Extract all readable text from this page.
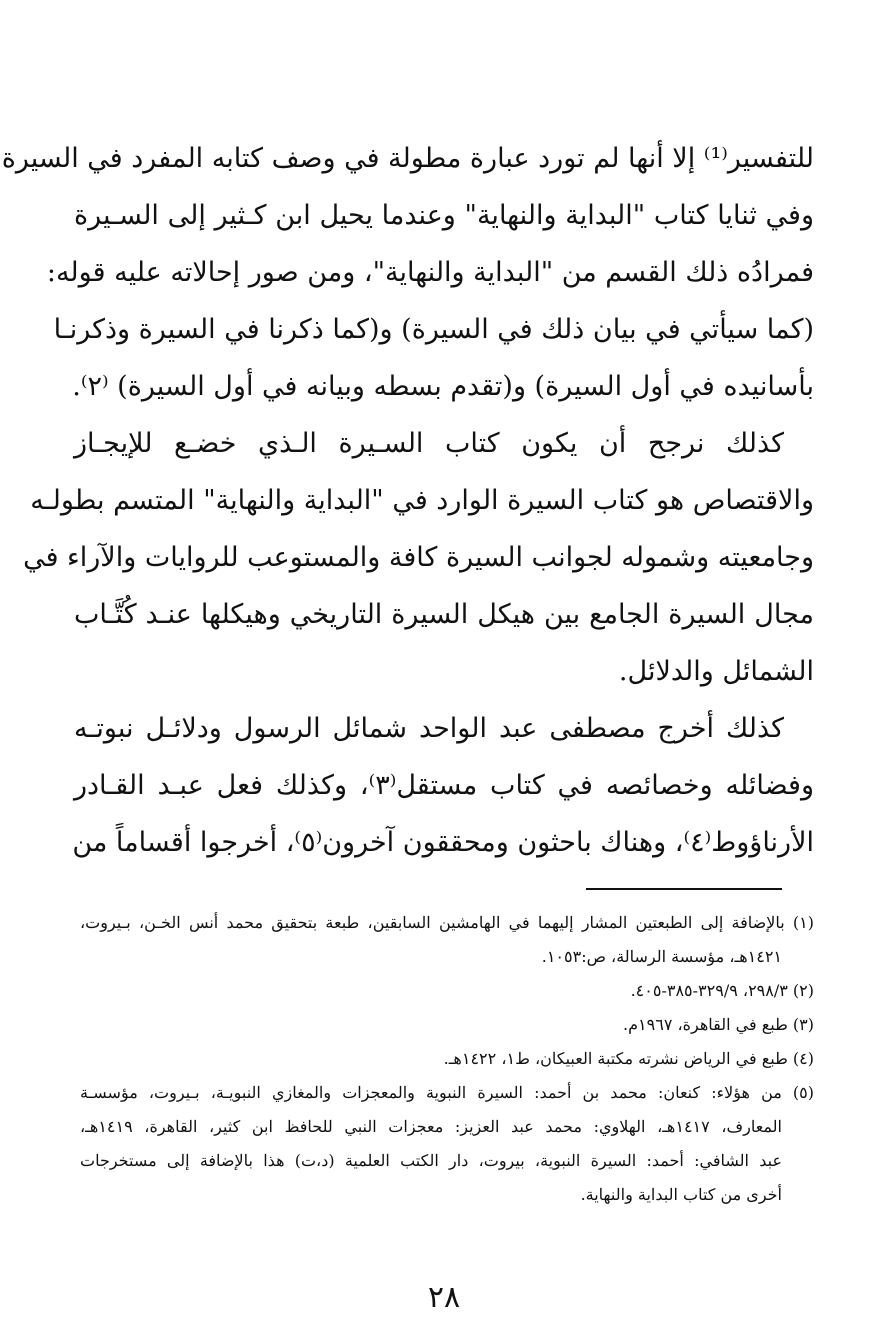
للتفسير⁽¹⁾ إلا أنها لم تورد عبارة مطولة في وصف كتابه المفرد في السيرة
وفي ثنايا كتاب "البداية والنهاية" وعندما يحيل ابن كـثير إلى السـيرة
فمرادُه ذلك القسم من "البداية والنهاية"، ومن صور إحالاته عليه قوله:
(كما سيأتي في بيان ذلك في السيرة) و(كما ذكرنا في السيرة وذكرنـا
بأسانيده في أول السيرة) و(تقدم بسطه وبيانه في أول السيرة) ⁽٢⁾.
كذلك نرجح أن يكون كتاب السـيرة الـذي خضـع للإيجـاز
والاقتصاص هو كتاب السيرة الوارد في "البداية والنهاية" المتسم بطولـه
وجامعيته وشموله لجوانب السيرة كافة والمستوعب للروايات والآراء في
مجال السيرة الجامع بين هيكل السيرة التاريخي وهيكلها عنـد كُتَّـاب
الشمائل والدلائل.
كذلك أخرج مصطفى عبد الواحد شمائل الرسول ودلائـل نبوتـه
وفضائله وخصائصه في كتاب مستقل⁽٣⁾، وكذلك فعل عبـد القـادر
الأرناؤوط⁽٤⁾، وهناك باحثون ومحققون آخرون⁽٥⁾، أخرجوا أقساماً من
(١) بالإضافة إلى الطبعتين المشار إليهما في الهامشين السابقين، طبعة بتحقيق محمد أنس الخـن، بـيروت،
١٤٢١هـ، مؤسسة الرسالة، ص:١٠٥٣.
(٢) ٢٩٨/٣، ٣٢٩/٩-٣٨٥-٤٠٥.
(٣) طبع في القاهرة، ١٩٦٧م.
(٤) طبع في الرياض نشرته مكتبة العبيكان، ط١، ١٤٢٢هـ.
(٥) من هؤلاء: كنعان: محمد بن أحمد: السيرة النبوية والمعجزات والمغازي النبويـة، بـيروت، مؤسسـة
المعارف، ١٤١٧هـ، الهلاوي: محمد عبد العزيز: معجزات النبي للحافظ ابن كثير، القاهرة، ١٤١٩هـ،
عبد الشافي: أحمد: السيرة النبوية، بيروت، دار الكتب العلمية (د،ت) هذا بالإضافة إلى مستخرجات
أخرى من كتاب البداية والنهاية.
٢٨
